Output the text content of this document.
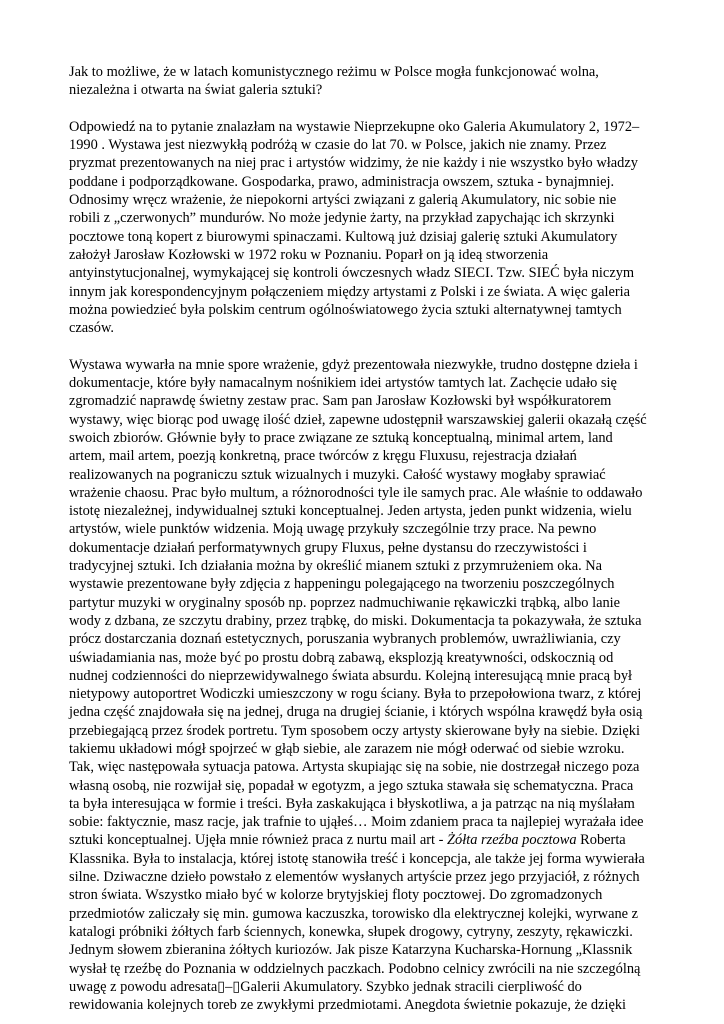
Jak to możliwe, że w latach komunistycznego reżimu w Polsce mogła funkcjonować wolna,
niezależna i otwarta na świat galeria sztuki?

Odpowiedź na to pytanie znalazłam na wystawie Nieprzekupne oko Galeria Akumulatory 2, 1972–
1990 . Wystawa jest niezwykłą podróżą w czasie do lat 70. w Polsce, jakich nie znamy. Przez
pryzmat prezentowanych na niej prac i artystów widzimy, że nie każdy i nie wszystko było władzy
poddane i podporządkowane. Gospodarka, prawo, administracja owszem, sztuka - bynajmniej.
Odnosimy wręcz wrażenie, że niepokorni artyści związani z galerią Akumulatory, nic sobie nie
robili z „czerwonych” mundurów. No może jedynie żarty, na przykład zapychając ich skrzynki
pocztowe toną kopert z biurowymi spinaczami. Kultową już dzisiaj galerię sztuki Akumulatory
założył Jarosław Kozłowski w 1972 roku w Poznaniu. Poparł on ją ideą stworzenia
antyinstytucjonalnej, wymykającej się kontroli ówczesnych władz SIECI. Tzw. SIEĆ była niczym
innym jak korespondencyjnym połączeniem między artystami z Polski i ze świata. A więc galeria
można powiedzieć była polskim centrum ogólnoświatowego życia sztuki alternatywnej tamtych
czasów.

Wystawa wywarła na mnie spore wrażenie, gdyż prezentowała niezwykłe, trudno dostępne dzieła i
dokumentacje, które były namacalnym nośnikiem idei artystów tamtych lat. Zachęcie udało się
zgromadzić naprawdę świetny zestaw prac. Sam pan Jarosław Kozłowski był współkuratorem
wystawy, więc biorąc pod uwagę ilość dzieł, zapewne udostępnił warszawskiej galerii okazałą część
swoich zbiorów. Głównie były to prace związane ze sztuką konceptualną, minimal artem, land
artem, mail artem, poezją konkretną, prace twórców z kręgu Fluxusu, rejestracja działań
realizowanych na pograniczu sztuk wizualnych i muzyki. Całość wystawy mogłaby sprawiać
wrażenie chaosu. Prac było multum, a różnorodności tyle ile samych prac. Ale właśnie to oddawało
istotę niezależnej, indywidualnej sztuki konceptualnej. Jeden artysta, jeden punkt widzenia, wielu
artystów, wiele punktów widzenia. Moją uwagę przykuły szczególnie trzy prace. Na pewno
dokumentacje działań performatywnych grupy Fluxus, pełne dystansu do rzeczywistości i
tradycyjnej sztuki. Ich działania można by określić mianem sztuki z przymrużeniem oka. Na
wystawie prezentowane były zdjęcia z happeningu polegającego na tworzeniu poszczególnych
partytur muzyki w oryginalny sposób np. poprzez nadmuchiwanie rękawiczki trąbką, albo lanie
wody z dzbana, ze szczytu drabiny, przez trąbkę, do miski. Dokumentacja ta pokazywała, że sztuka
prócz dostarczania doznań estetycznych, poruszania wybranych problemów, uwrażliwiania, czy
uświadamiania nas, może być po prostu dobrą zabawą, eksplozją kreatywności, odskocznią od
nudnej codzienności do nieprzewidywalnego świata absurdu. Kolejną interesującą mnie pracą był
nietypowy autoportret Wodiczki umieszczony w rogu ściany. Była to przepołowiona twarz, z której
jedna część znajdowała się na jednej, druga na drugiej ścianie, i których wspólna krawędź była osią
przebiegającą przez środek portretu. Tym sposobem oczy artysty skierowane były na siebie. Dzięki
takiemu układowi mógł spojrzeć w głąb siebie, ale zarazem nie mógł oderwać od siebie wzroku.
Tak, więc następowała sytuacja patowa. Artysta skupiając się na sobie, nie dostrzegał niczego poza
własną osobą, nie rozwijał się, popadał w egotyzm, a jego sztuka stawała się schematyczna. Praca
ta była interesująca w formie i treści. Była zaskakująca i błyskotliwa, a ja patrząc na nią myślałam
sobie: faktycznie, masz racje, jak trafnie to ująłeś… Moim zdaniem praca ta najlepiej wyrażała idee
sztuki konceptualnej. Ujęła mnie również praca z nurtu mail art - Żółta rzeźba pocztowa Roberta
Klassnika. Była to instalacja, której istotę stanowiła treść i koncepcja, ale także jej forma wywierała
silne. Dziwaczne dzieło powstało z elementów wysłanych artyście przez jego przyjaciół, z różnych
stron świata. Wszystko miało być w kolorze brytyjskiej floty pocztowej. Do zgromadzonych
przedmiotów zaliczały się min. gumowa kaczuszka, torowisko dla elektrycznej kolejki, wyrwane z
katalogi próbniki żółtych farb ściennych, konewka, słupek drogowy, cytryny, zeszyty, rękawiczki.
Jednym słowem zbieranina żółtych kuriozów. Jak pisze Katarzyna Kucharska-Hornung „Klassnik
wysłał tę rzeźbę do Poznania w oddzielnych paczkach. Podobno celnicy zwrócili na nie szczególną
uwagę z powodu adresata▯–▯Galerii Akumulatory. Szybko jednak stracili cierpliwość do
rewidowania kolejnych toreb ze zwykłymi przedmiotami. Anegdota świetnie pokazuje, że dzięki
